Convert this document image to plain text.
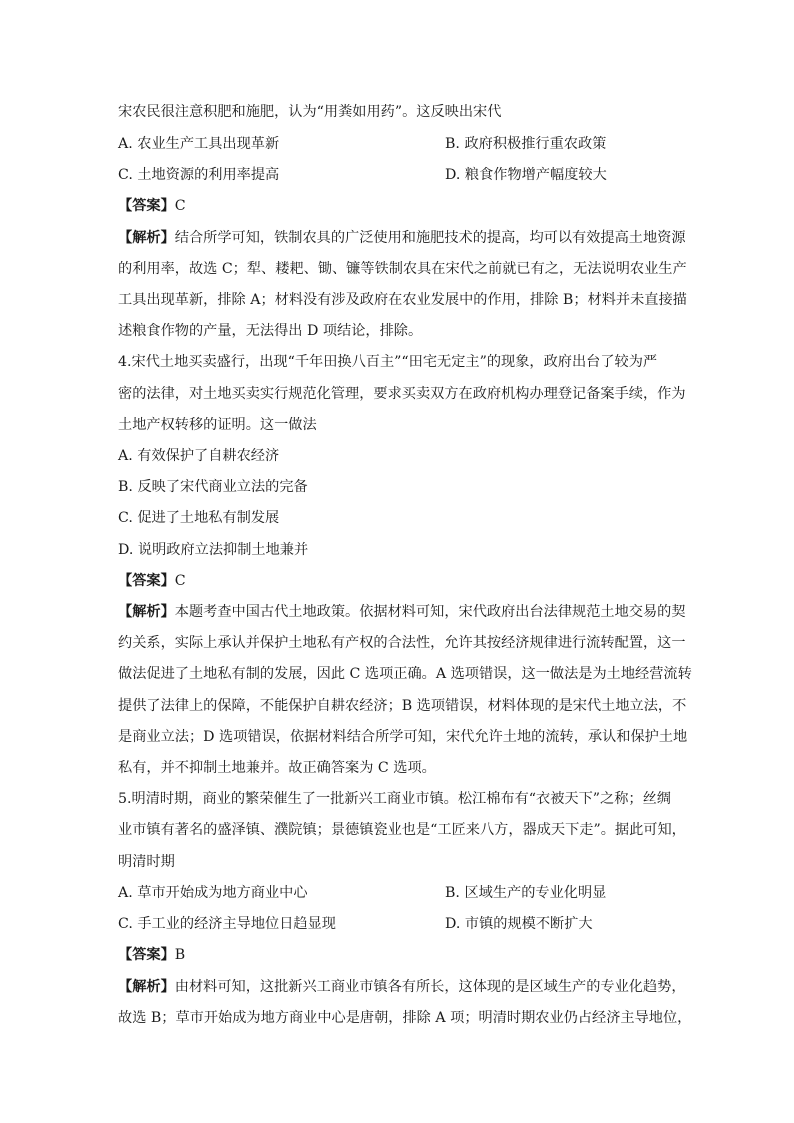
宋农民很注意积肥和施肥，认为“用粪如用药”。这反映出宋代
A. 农业生产工具出现革新	B. 政府积极推行重农政策
C. 土地资源的利用率提高	D. 粮食作物增产幅度较大
【答案】C
【解析】结合所学可知，铁制农具的广泛使用和施肥技术的提高，均可以有效提高土地资源
的利用率，故选 C；犁、耧耙、锄、镰等铁制农具在宋代之前就已有之，无法说明农业生产
工具出现革新，排除 A；材料没有涉及政府在农业发展中的作用，排除 B；材料并未直接描
述粮食作物的产量，无法得出 D 项结论，排除。
4.宋代土地买卖盛行，出现“千年田换八百主”“田宅无定主”的现象，政府出台了较为严
密的法律，对土地买卖实行规范化管理，要求买卖双方在政府机构办理登记备案手续，作为
土地产权转移的证明。这一做法
A. 有效保护了自耕农经济
B. 反映了宋代商业立法的完备
C. 促进了土地私有制发展
D. 说明政府立法抑制土地兼并
【答案】C
【解析】本题考查中国古代土地政策。依据材料可知，宋代政府出台法律规范土地交易的契
约关系，实际上承认并保护土地私有产权的合法性，允许其按经济规律进行流转配置，这一
做法促进了土地私有制的发展，因此 C 选项正确。A 选项错误，这一做法是为土地经营流转
提供了法律上的保障，不能保护自耕农经济；B 选项错误，材料体现的是宋代土地立法，不
是商业立法；D 选项错误，依据材料结合所学可知，宋代允许土地的流转，承认和保护土地
私有，并不抑制土地兼并。故正确答案为 C 选项。
5.明清时期，商业的繁荣催生了一批新兴工商业市镇。松江棉布有“衣被天下”之称；丝绸
业市镇有著名的盛泽镇、濮院镇；景德镇瓷业也是“工匠来八方，器成天下走”。据此可知，
明清时期
A. 草市开始成为地方商业中心	B. 区域生产的专业化明显
C. 手工业的经济主导地位日趋显现	D. 市镇的规模不断扩大
【答案】B
【解析】由材料可知，这批新兴工商业市镇各有所长，这体现的是区域生产的专业化趋势，
故选 B；草市开始成为地方商业中心是唐朝，排除 A 项；明清时期农业仍占经济主导地位，
